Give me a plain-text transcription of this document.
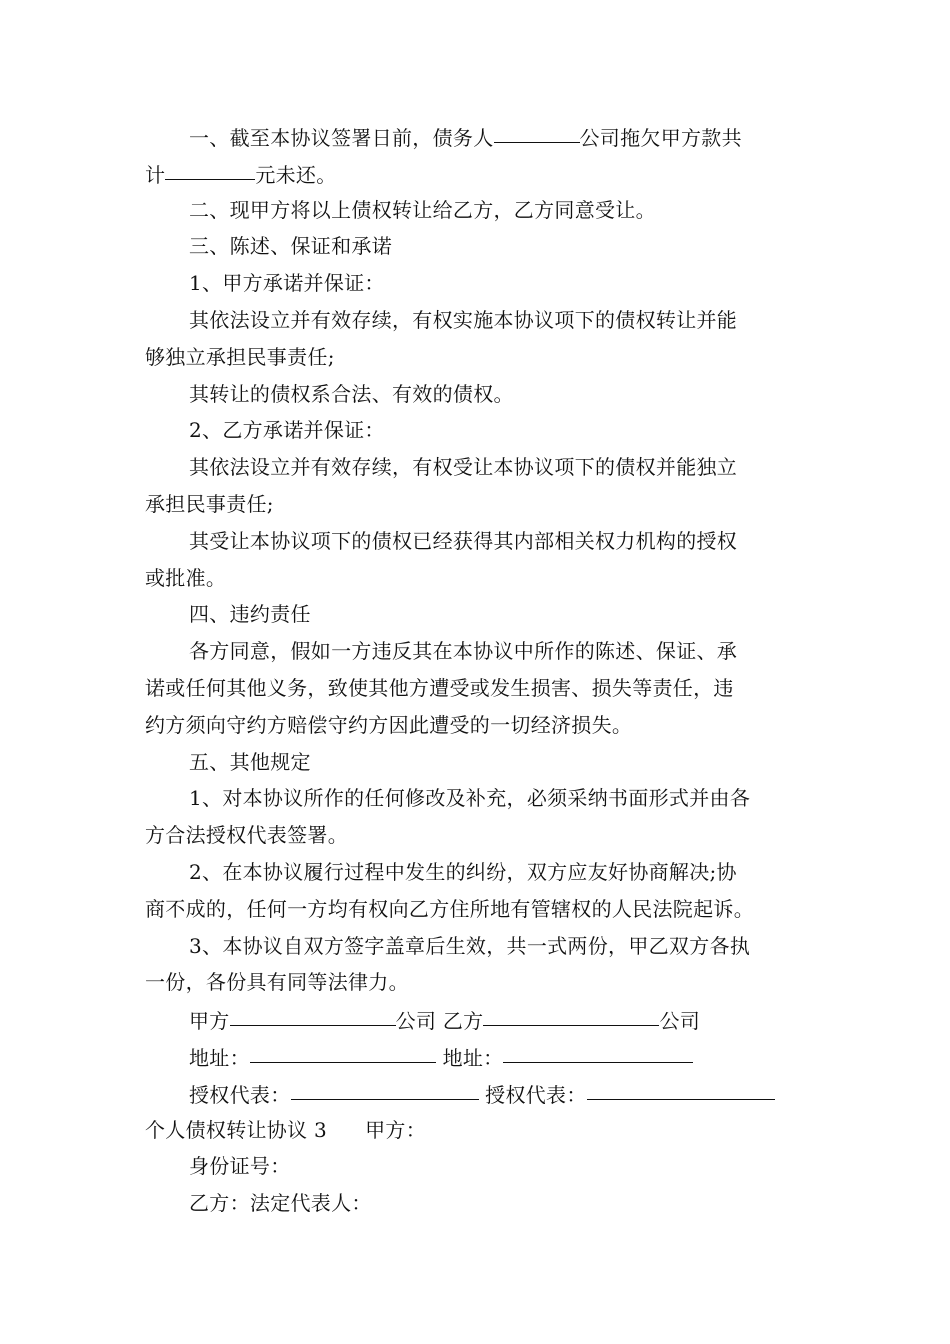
一、截至本协议签署日前，债务人	公司拖欠甲方款共
计	元未还。
二、现甲方将以上债权转让给乙方，乙方同意受让。
三、陈述、保证和承诺
1、甲方承诺并保证：
其依法设立并有效存续，有权实施本协议项下的债权转让并能
够独立承担民事责任;
其转让的债权系合法、有效的债权。
2、乙方承诺并保证：
其依法设立并有效存续，有权受让本协议项下的债权并能独立
承担民事责任;
其受让本协议项下的债权已经获得其内部相关权力机构的授权
或批准。
四、违约责任
各方同意，假如一方违反其在本协议中所作的陈述、保证、承
诺或任何其他义务，致使其他方遭受或发生损害、损失等责任，违
约方须向守约方赔偿守约方因此遭受的一切经济损失。
五、其他规定
1、对本协议所作的任何修改及补充，必须采纳书面形式并由各
方合法授权代表签署。
2、在本协议履行过程中发生的纠纷，双方应友好协商解决;协
商不成的，任何一方均有权向乙方住所地有管辖权的人民法院起诉。
3、本协议自双方签字盖章后生效，共一式两份，甲乙双方各执
一份，各份具有同等法律力。
甲方	公司 乙方	公司
地址：	地址：
授权代表：	授权代表：
个人债权转让协议 3 甲方：
身份证号：
乙方：法定代表人：
